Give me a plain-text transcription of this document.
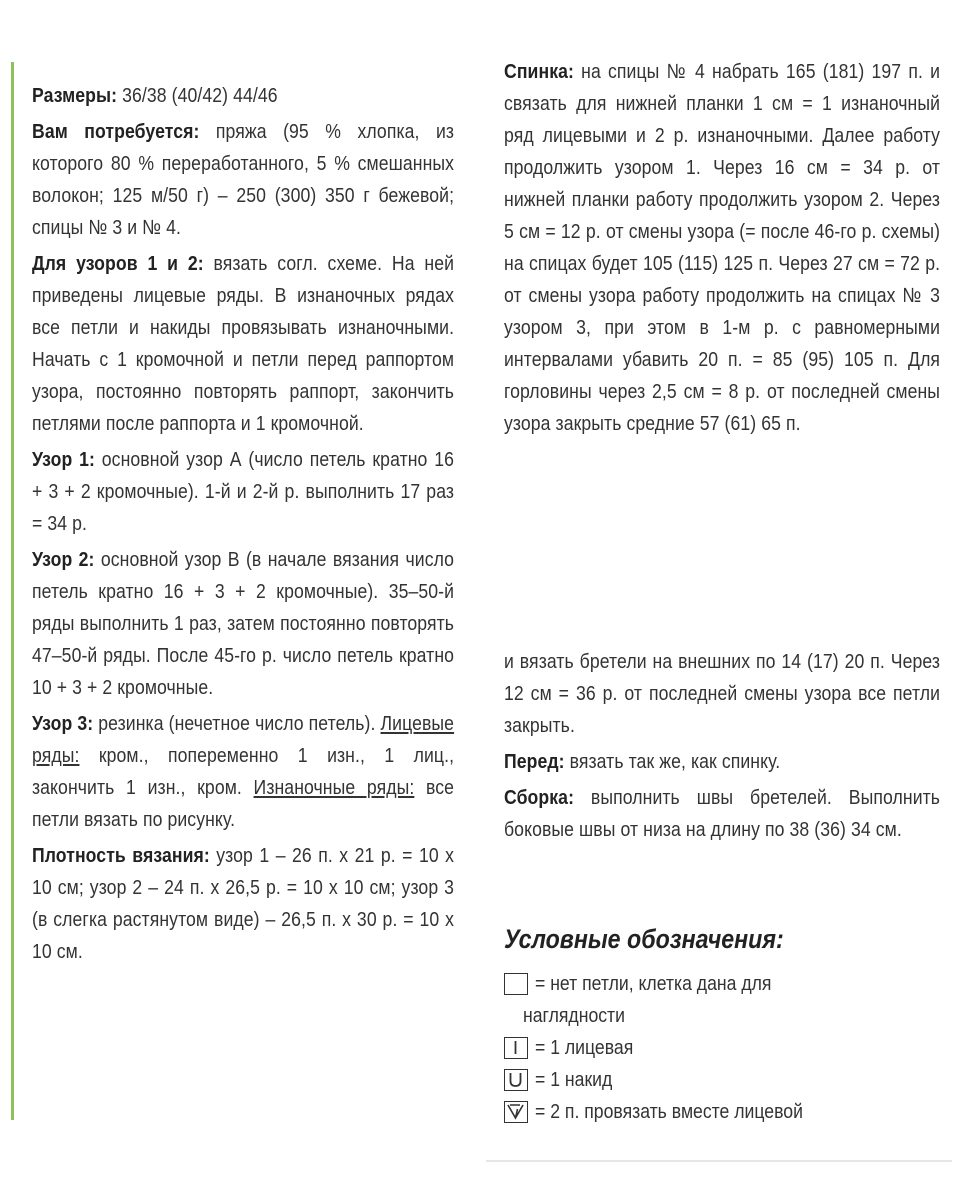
Размеры: 36/38 (40/42) 44/46

Вам потребуется: пряжа (95 % хлопка, из которого 80 % переработанного, 5 % смешанных волокон; 125 м/50 г) – 250 (300) 350 г бежевой; спицы № 3 и № 4.

Для узоров 1 и 2: вязать согл. схеме. На ней приведены лицевые ряды. В изнаночных рядах все петли и накиды провязывать изнаночными. Начать с 1 кромочной и петли перед раппортом узора, постоянно повторять раппорт, закончить петлями после раппорта и 1 кромочной.

Узор 1: основной узор А (число петель кратно 16 + 3 + 2 кромочные). 1-й и 2-й р. выполнить 17 раз = 34 р.

Узор 2: основной узор В (в начале вязания число петель кратно 16 + 3 + 2 кромочные). 35–50-й ряды выполнить 1 раз, затем постоянно повторять 47–50-й ряды. После 45-го р. число петель кратно 10 + 3 + 2 кромочные.

Узор 3: резинка (нечетное число петель). Лицевые ряды: кром., попеременно 1 изн., 1 лиц., закончить 1 изн., кром. Изнаночные ряды: все петли вязать по рисунку.

Плотность вязания: узор 1 – 26 п. х 21 р. = 10 х 10 см; узор 2 – 24 п. х 26,5 р. = 10 х 10 см; узор 3 (в слегка растянутом виде) – 26,5 п. х 30 р. = 10 х 10 см.

Спинка: на спицы № 4 набрать 165 (181) 197 п. и связать для нижней планки 1 см = 1 изнаночный ряд лицевыми и 2 р. изнаночными. Далее работу продолжить узором 1. Через 16 см = 34 р. от нижней планки работу продолжить узором 2. Через 5 см = 12 р. от смены узора (= после 46-го р. схемы) на спицах будет 105 (115) 125 п. Через 27 см = 72 р. от смены узора работу продолжить на спицах № 3 узором 3, при этом в 1-м р. с равномерными интервалами убавить 20 п. = 85 (95) 105 п. Для горловины через 2,5 см = 8 р. от последней смены узора закрыть средние 57 (61) 65 п.

и вязать бретели на внешних по 14 (17) 20 п. Через 12 см = 36 р. от последней смены узора все петли закрыть.

Перед: вязать так же, как спинку.

Сборка: выполнить швы бретелей. Выполнить боковые швы от низа на длину по 38 (36) 34 см.

Условные обозначения:
= нет петли, клетка дана для
наглядности
= 1 лицевая
= 1 накид
= 2 п. провязать вместе лицевой
